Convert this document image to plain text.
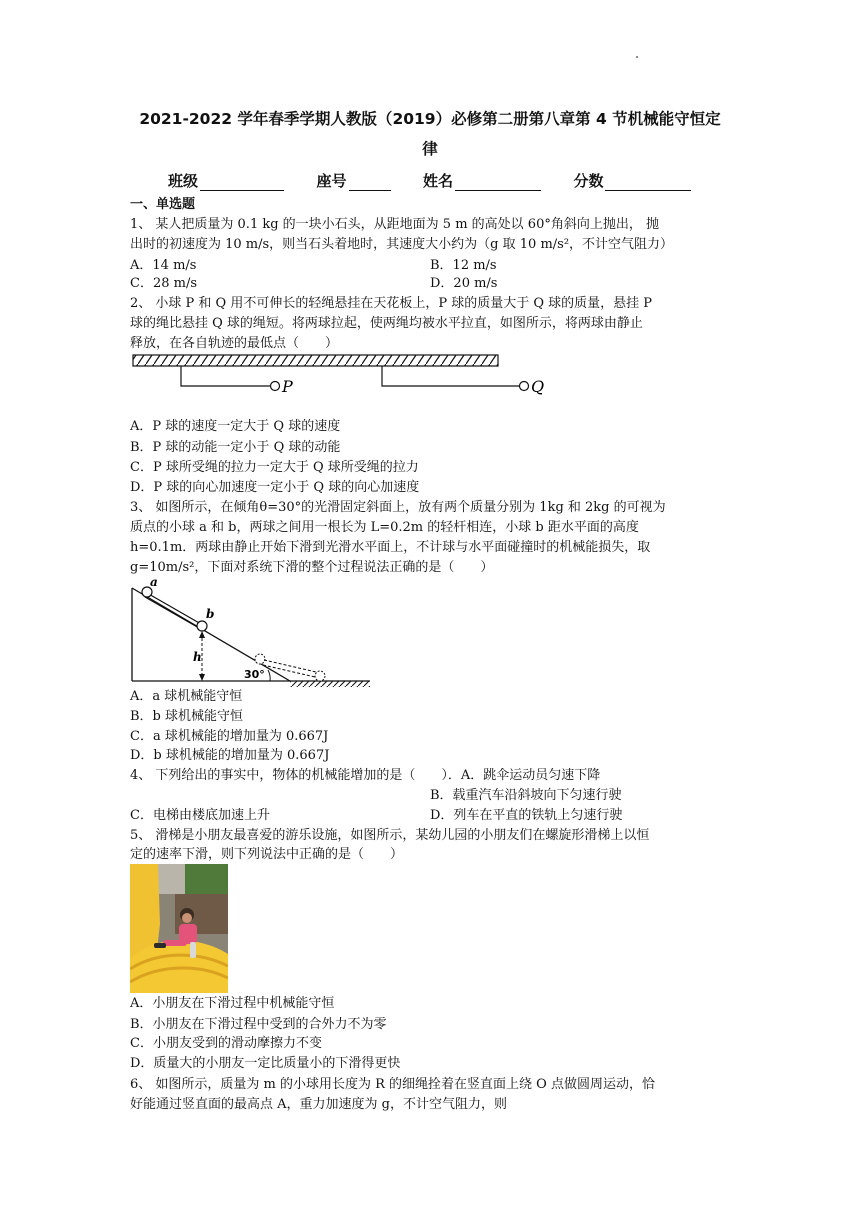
2021-2022 学年春季学期人教版（2019）必修第二册第八章第 4 节机械能守恒定
律
班级	座号	姓名	分数
一、单选题
1、 某人把质量为 0.1 kg 的一块小石头，从距地面为 5 m 的高处以 60°角斜向上抛出， 抛
出时的初速度为 10 m/s，则当石头着地时，其速度大小约为（g 取 10 m/s²，不计空气阻力）
A．14 m/s	B．12 m/s
C．28 m/s	D．20 m/s
2、 小球 P 和 Q 用不可伸长的轻绳悬挂在天花板上，P 球的质量大于 Q 球的质量，悬挂 P
球的绳比悬挂 Q 球的绳短。将两球拉起，使两绳均被水平拉直，如图所示，将两球由静止
释放，在各自轨迹的最低点（　　）
P	Q
A．P 球的速度一定大于 Q 球的速度
B．P 球的动能一定小于 Q 球的动能
C．P 球所受绳的拉力一定大于 Q 球所受绳的拉力
D．P 球的向心加速度一定小于 Q 球的向心加速度
3、 如图所示，在倾角θ=30°的光滑固定斜面上，放有两个质量分别为 1kg 和 2kg 的可视为
质点的小球 a 和 b，两球之间用一根长为 L=0.2m 的轻杆相连，小球 b 距水平面的高度
h=0.1m．两球由静止开始下滑到光滑水平面上，不计球与水平面碰撞时的机械能损失，取
g=10m/s²，下面对系统下滑的整个过程说法正确的是（　　）
a
b
h
30°
A．a 球机械能守恒
B．b 球机械能守恒
C．a 球机械能的增加量为 0.667J
D．b 球机械能的增加量为 0.667J
4、 下列给出的事实中，物体的机械能增加的是（　　）．A．跳伞运动员匀速下降
B．载重汽车沿斜坡向下匀速行驶
C．电梯由楼底加速上升	D．列车在平直的铁轨上匀速行驶
5、 滑梯是小朋友最喜爱的游乐设施，如图所示，某幼儿园的小朋友们在螺旋形滑梯上以恒
定的速率下滑，则下列说法中正确的是（　　）
A．小朋友在下滑过程中机械能守恒
B．小朋友在下滑过程中受到的合外力不为零
C．小朋友受到的滑动摩擦力不变
D．质量大的小朋友一定比质量小的下滑得更快
6、 如图所示，质量为 m 的小球用长度为 R 的细绳拴着在竖直面上绕 O 点做圆周运动，恰
好能通过竖直面的最高点 A，重力加速度为 g，不计空气阻力，则
